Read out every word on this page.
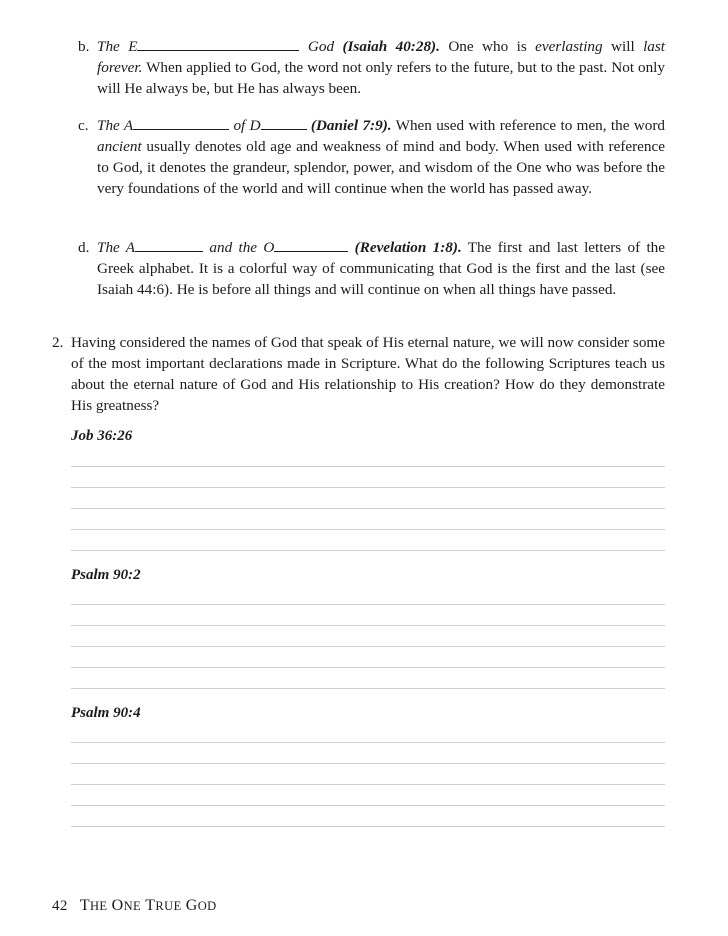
b. The E	God (Isaiah 40:28). One who is everlasting will last forever. When applied to God, the word not only refers to the future, but to the past. Not only will He always be, but He has always been.
c. The A	of D	(Daniel 7:9). When used with reference to men, the word ancient usually denotes old age and weakness of mind and body. When used with reference to God, it denotes the grandeur, splendor, power, and wisdom of the One who was before the very foundations of the world and will continue when the world has passed away.
d. The A	and the O	(Revelation 1:8). The first and last letters of the Greek alphabet. It is a colorful way of communicating that God is the first and the last (see Isaiah 44:6). He is before all things and will continue on when all things have passed.
2. Having considered the names of God that speak of His eternal nature, we will now consider some of the most important declarations made in Scripture. What do the following Scriptures teach us about the eternal nature of God and His relationship to His creation? How do they demonstrate His greatness?
Job 36:26
Psalm 90:2
Psalm 90:4
42 THE ONE TRUE GOD
